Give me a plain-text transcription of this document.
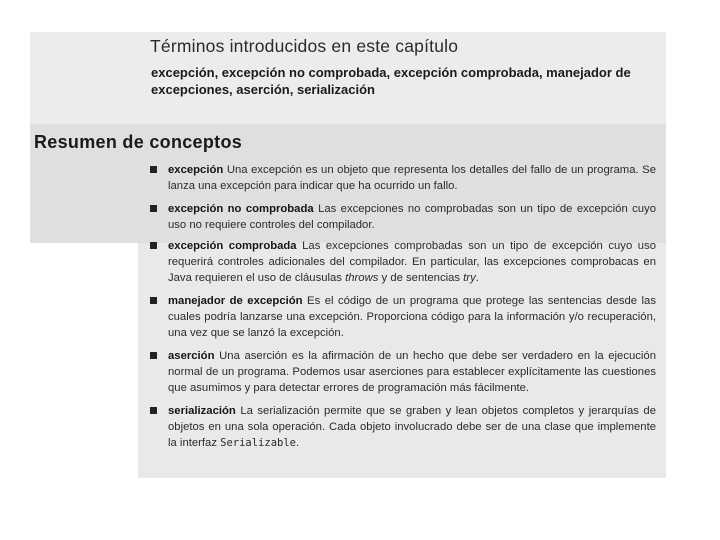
Términos introducidos en este capítulo

excepción, excepción no comprobada, excepción comprobada, manejador de excepciones, aserción, serialización

Resumen de conceptos
excepción Una excepción es un objeto que representa los detalles del fallo de un programa. Se lanza una excepción para indicar que ha ocurrido un fallo.
excepción no comprobada Las excepciones no comprobadas son un tipo de excepción cuyo uso no requiere controles del compilador.
excepción comprobada Las excepciones comprobadas son un tipo de excepción cuyo uso requerirá controles adicionales del compilador. En particular, las excepciones comprobacas en Java requieren el uso de cláusulas throws y de sentencias try.
manejador de excepción Es el código de un programa que protege las sentencias desde las cuales podría lanzarse una excepción. Proporciona código para la información y/o recuperación, una vez que se lanzó la excepción.
aserción Una aserción es la afirmación de un hecho que debe ser verdadero en la ejecución normal de un programa. Podemos usar aserciones para establecer explícitamente las cuestiones que asumimos y para detectar errores de programación más fácilmente.
serialización La serialización permite que se graben y lean objetos completos y jerarquías de objetos en una sola operación. Cada objeto involucrado debe ser de una clase que implemente la interfaz Serializable.
